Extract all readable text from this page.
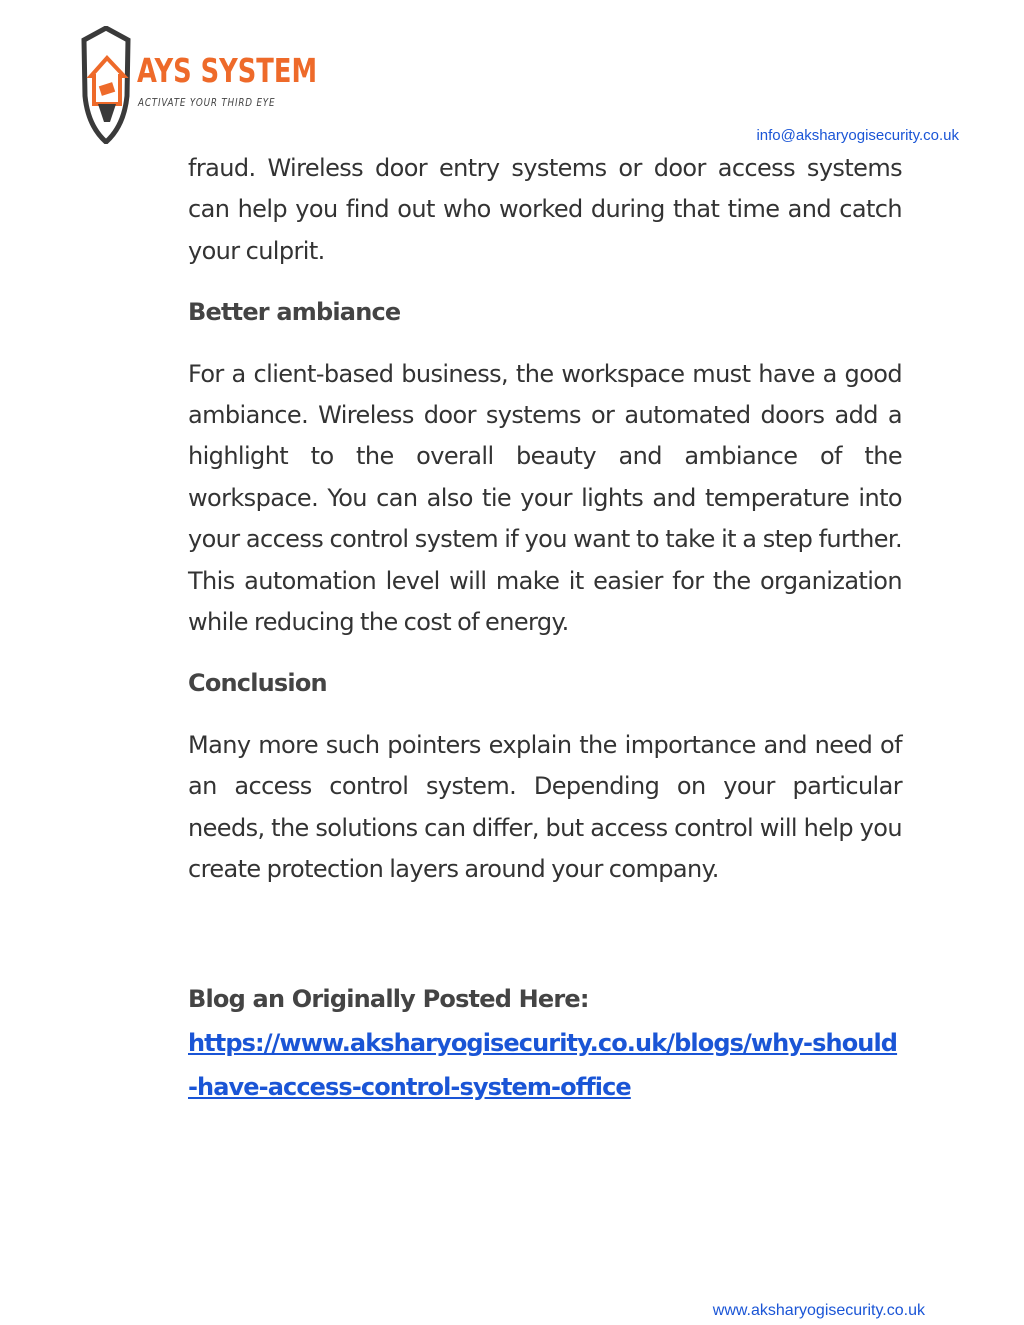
AYS SYSTEM
ACTIVATE YOUR THIRD EYE
info@aksharyogisecurity.co.uk

fraud. Wireless door entry systems or door access systems can help you find out who worked during that time and catch your culprit.

Better ambiance

For a client-based business, the workspace must have a good ambiance. Wireless door systems or automated doors add a highlight to the overall beauty and ambiance of the workspace. You can also tie your lights and temperature into your access control system if you want to take it a step further. This automation level will make it easier for the organization while reducing the cost of energy.

Conclusion

Many more such pointers explain the importance and need of an access control system. Depending on your particular needs, the solutions can differ, but access control will help you create protection layers around your company.

Blog an Originally Posted Here:

https://www.aksharyogisecurity.co.uk/blogs/why-should-have-access-control-system-office
www.aksharyogisecurity.co.uk
